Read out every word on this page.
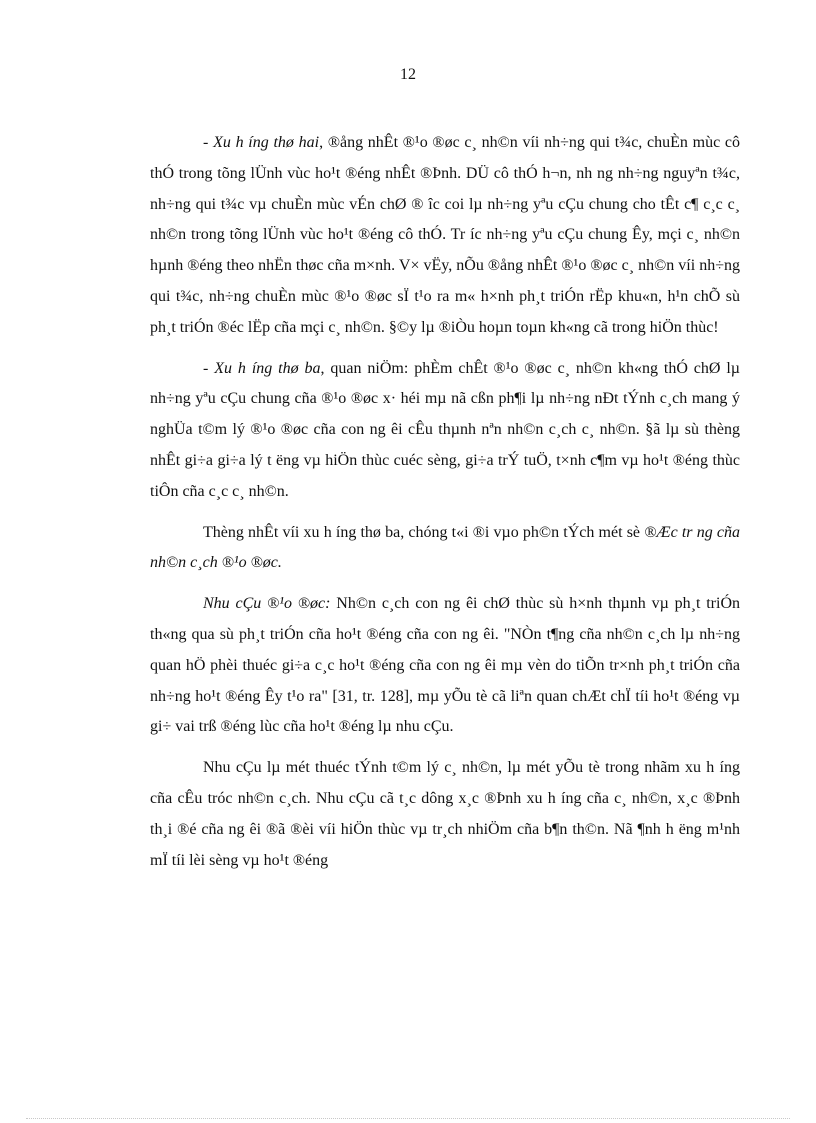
12

- Xu h íng thø hai, ®ång nhÊt ®¹o ®øc c¸ nh©n víi nh÷ng qui t¾c, chuÈn mùc cô thÓ trong tõng lÜnh vùc ho¹t ®éng nhÊt ®Þnh. DÜ cô thÓ h¬n, nh ng nh÷ng nguyªn t¾c, nh÷ng qui t¾c vµ chuÈn mùc vÉn chØ ® îc coi lµ nh÷ng yªu cÇu chung cho tÊt c¶ c¸c c¸ nh©n trong tõng lÜnh vùc ho¹t ®éng cô thÓ. Tr íc nh÷ng yªu cÇu chung Êy, mçi c¸ nh©n hµnh ®éng theo nhËn thøc cña m×nh. V× vËy, nÕu ®ång nhÊt ®¹o ®øc c¸ nh©n víi nh÷ng qui t¾c, nh÷ng chuÈn mùc ®¹o ®øc sÏ t¹o ra m« h×nh ph¸t triÓn rËp khu«n, h¹n chÕ sù ph¸t triÓn ®éc lËp cña mçi c¸ nh©n. §©y lµ ®iÒu hoµn toµn kh«ng cã trong hiÖn thùc!

- Xu h íng thø ba, quan niÖm: phÈm chÊt ®¹o ®øc c¸ nh©n kh«ng thÓ chØ lµ nh÷ng yªu cÇu chung cña ®¹o ®øc x· héi mµ nã cßn ph¶i lµ nh÷ng nÐt tÝnh c¸ch mang ý nghÜa t©m lý ®¹o ®øc cña con ng êi cÊu thµnh nªn nh©n c¸ch c¸ nh©n. §ã lµ sù thèng nhÊt gi÷a gi÷a lý t ëng vµ hiÖn thùc cuéc sèng, gi÷a trÝ tuÖ, t×nh c¶m vµ ho¹t ®éng thùc tiÔn cña c¸c c¸ nh©n.

Thèng nhÊt víi xu h íng thø ba, chóng t«i ®i vµo ph©n tÝch mét sè ®Æc tr ng cña nh©n c¸ch ®¹o ®øc.

Nhu cÇu ®¹o ®øc: Nh©n c¸ch con ng êi chØ thùc sù h×nh thµnh vµ ph¸t triÓn th«ng qua sù ph¸t triÓn cña ho¹t ®éng cña con ng êi. "NÒn t¶ng cña nh©n c¸ch lµ nh÷ng quan hÖ phèi thuéc gi÷a c¸c ho¹t ®éng cña con ng êi mµ vèn do tiÕn tr×nh ph¸t triÓn cña nh÷ng ho¹t ®éng Êy t¹o ra" [31, tr. 128], mµ yÕu tè cã liªn quan chÆt chÏ tíi ho¹t ®éng vµ gi÷ vai trß ®éng lùc cña ho¹t ®éng lµ nhu cÇu.

Nhu cÇu lµ mét thuéc tÝnh t©m lý c¸ nh©n, lµ mét yÕu tè trong nhãm xu h íng cña cÊu tróc nh©n c¸ch. Nhu cÇu cã t¸c dông x¸c ®Þnh xu h íng cña c¸ nh©n, x¸c ®Þnh th¸i ®é cña ng êi ®ã ®èi víi hiÖn thùc vµ tr¸ch nhiÖm cña b¶n th©n. Nã ¶nh h ëng m¹nh mÏ tíi lèi sèng vµ ho¹t ®éng
